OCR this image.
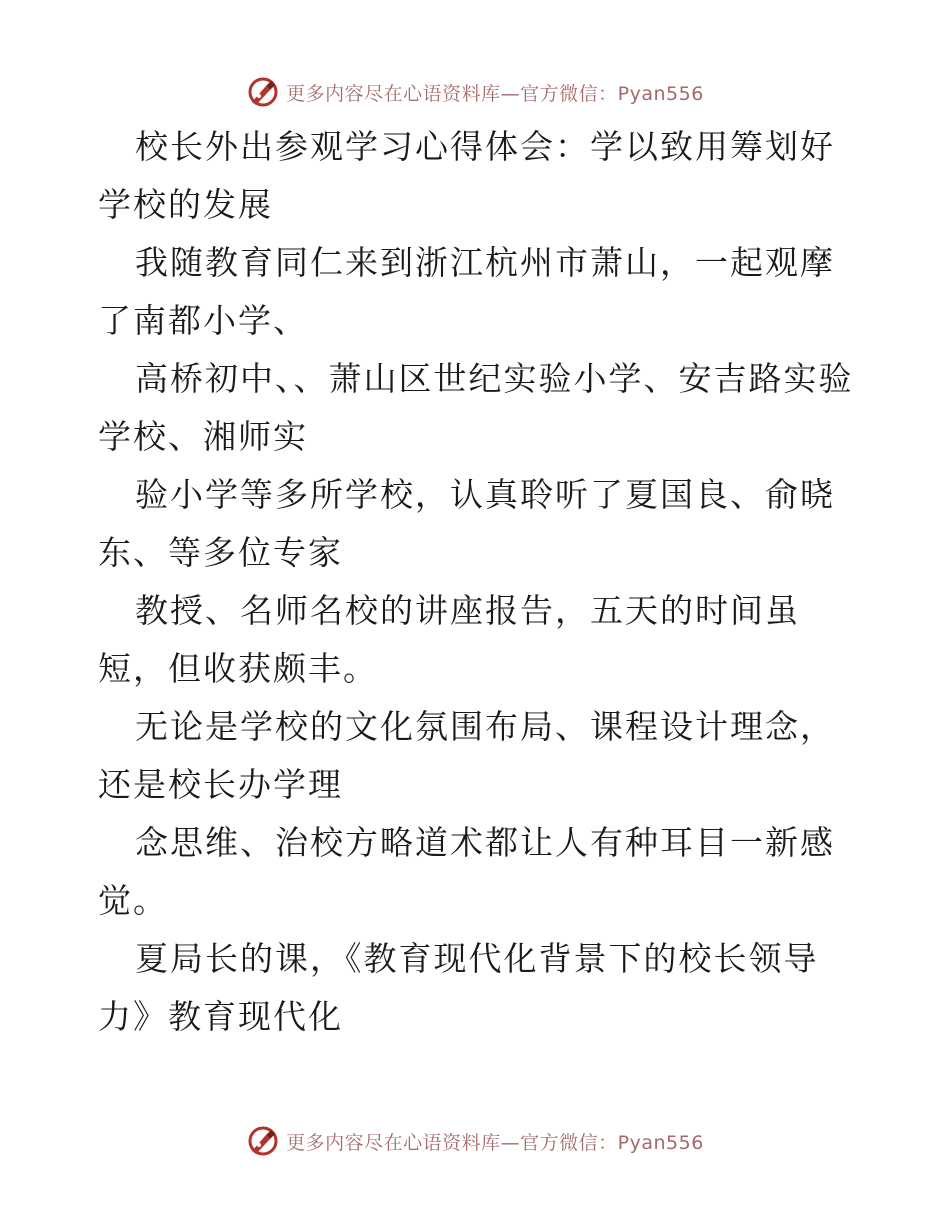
更多内容尽在心语资料库—官方微信：Pyan556

校长外出参观学习心得体会：学以致用筹划好学校的发展

我随教育同仁来到浙江杭州市萧山，一起观摩了南都小学、

高桥初中、、萧山区世纪实验小学、安吉路实验学校、湘师实

验小学等多所学校，认真聆听了夏国良、俞晓东、等多位专家

教授、名师名校的讲座报告，五天的时间虽短，但收获颇丰。

无论是学校的文化氛围布局、课程设计理念，还是校长办学理

念思维、治校方略道术都让人有种耳目一新感觉。

夏局长的课，《教育现代化背景下的校长领导力》教育现代化

更多内容尽在心语资料库—官方微信：Pyan556
